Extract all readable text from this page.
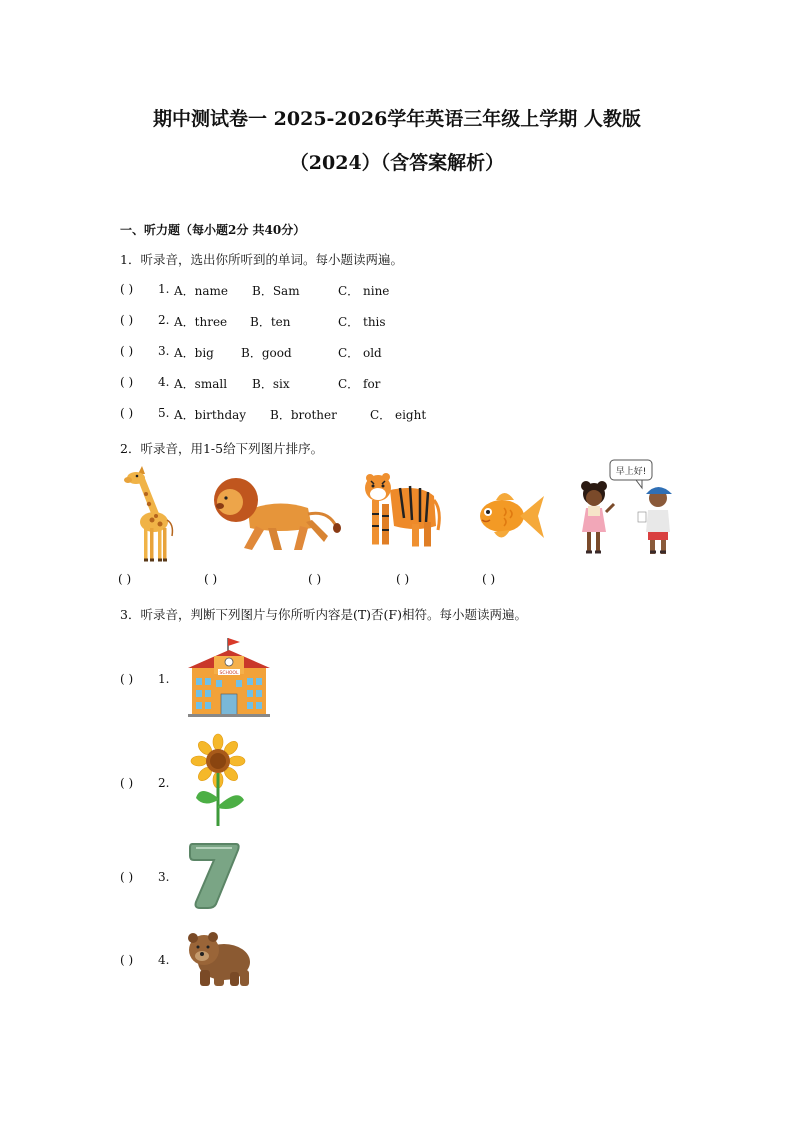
期中测试卷一 2025-2026学年英语三年级上学期 人教版
（2024）（含答案解析）
一、听力题（每小题2分 共40分）
1．听录音，选出你所听到的单词。每小题读两遍。
( ) 1. A．name B．Sam	C． nine
( ) 2. A．three B．ten	C． this
( ) 3. A．big B．good	C． old
( ) 4. A．small B．six	C． for
( ) 5. A．birthday B．brother	C． eight
2．听录音，用1-5给下列图片排序。
早上好!
( )	( )	( )	( )	( )
3．听录音，判断下列图片与你所听内容是(T)否(F)相符。每小题读两遍。
( ) 1.	SCHOOL
( ) 2.
( ) 3.
( ) 4.
